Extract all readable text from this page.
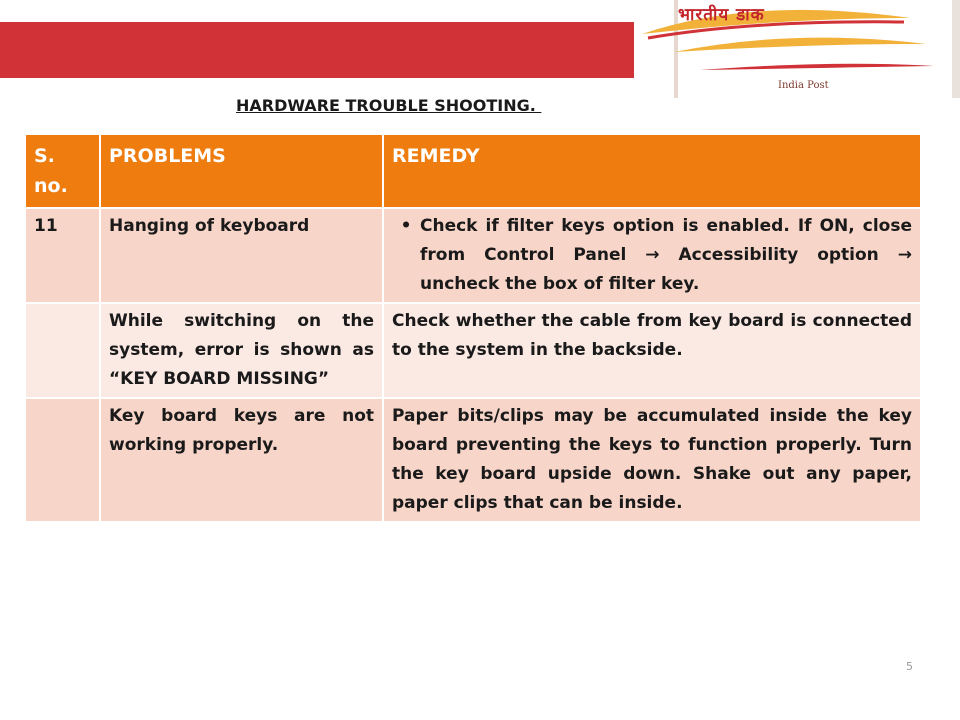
भारतीय डाक
India Post
HARDWARE TROUBLE SHOOTING.
S. no.	PROBLEMS	REMEDY
11	Hanging of keyboard	• Check if filter keys option is enabled. If ON, close from Control Panel → Accessibility option → uncheck the box of filter key.

	While switching on the system, error is shown as “KEY BOARD MISSING”	Check whether the cable from key board is connected to the system in the backside.
	Key board keys are not working properly.	Paper bits/clips may be accumulated inside the key board preventing the keys to function properly. Turn the key board upside down. Shake out any paper, paper clips that can be inside.
5
